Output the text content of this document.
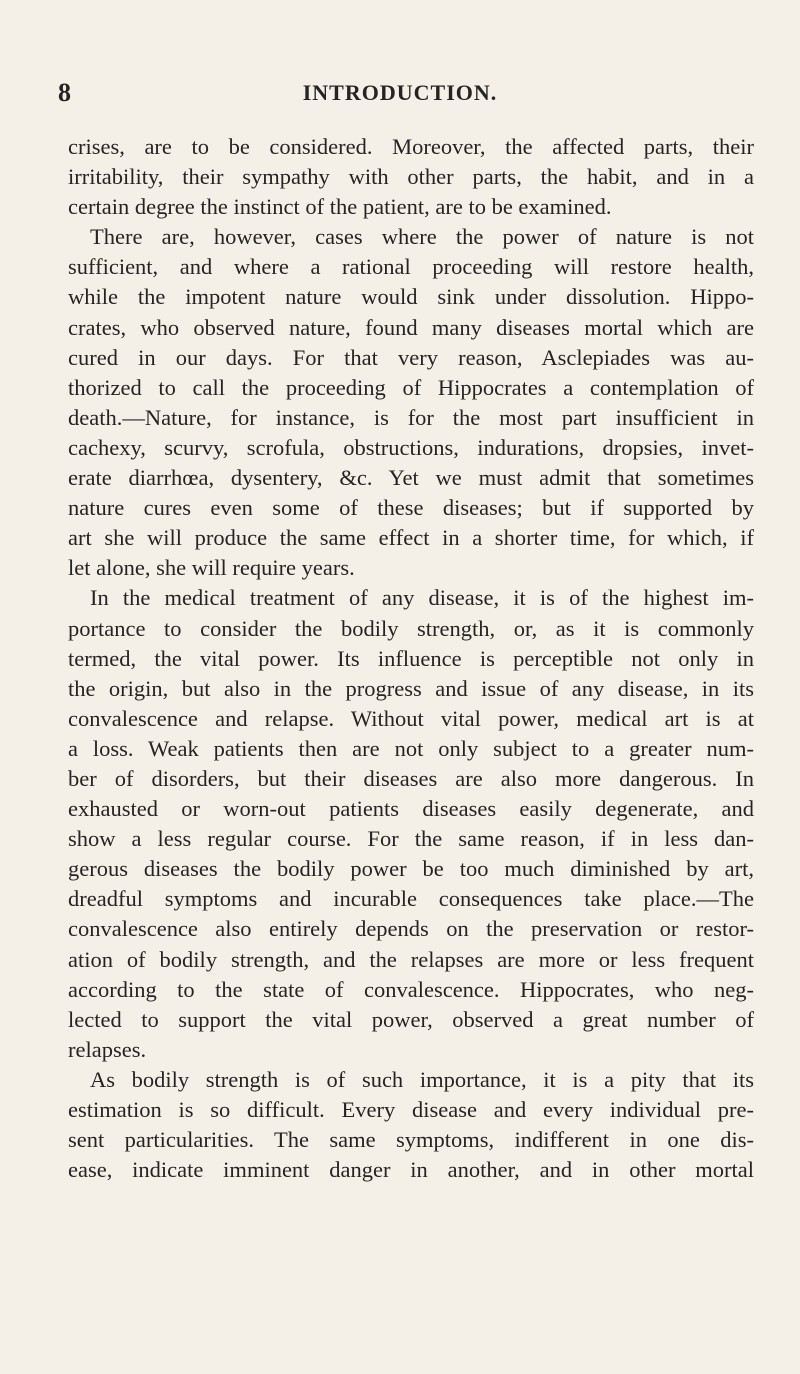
8	INTRODUCTION.
crises, are to be considered. Moreover, the affected parts, their
irritability, their sympathy with other parts, the habit, and in a
certain degree the instinct of the patient, are to be examined.
There are, however, cases where the power of nature is not
sufficient, and where a rational proceeding will restore health,
while the impotent nature would sink under dissolution. Hippo-
crates, who observed nature, found many diseases mortal which are
cured in our days. For that very reason, Asclepiades was au-
thorized to call the proceeding of Hippocrates a contemplation of
death.—Nature, for instance, is for the most part insufficient in
cachexy, scurvy, scrofula, obstructions, indurations, dropsies, invet-
erate diarrhœa, dysentery, &c. Yet we must admit that sometimes
nature cures even some of these diseases; but if supported by
art she will produce the same effect in a shorter time, for which, if
let alone, she will require years.
In the medical treatment of any disease, it is of the highest im-
portance to consider the bodily strength, or, as it is commonly
termed, the vital power. Its influence is perceptible not only in
the origin, but also in the progress and issue of any disease, in its
convalescence and relapse. Without vital power, medical art is at
a loss. Weak patients then are not only subject to a greater num-
ber of disorders, but their diseases are also more dangerous. In
exhausted or worn-out patients diseases easily degenerate, and
show a less regular course. For the same reason, if in less dan-
gerous diseases the bodily power be too much diminished by art,
dreadful symptoms and incurable consequences take place.—The
convalescence also entirely depends on the preservation or restor-
ation of bodily strength, and the relapses are more or less frequent
according to the state of convalescence. Hippocrates, who neg-
lected to support the vital power, observed a great number of
relapses.
As bodily strength is of such importance, it is a pity that its
estimation is so difficult. Every disease and every individual pre-
sent particularities. The same symptoms, indifferent in one dis-
ease, indicate imminent danger in another, and in other mortal
